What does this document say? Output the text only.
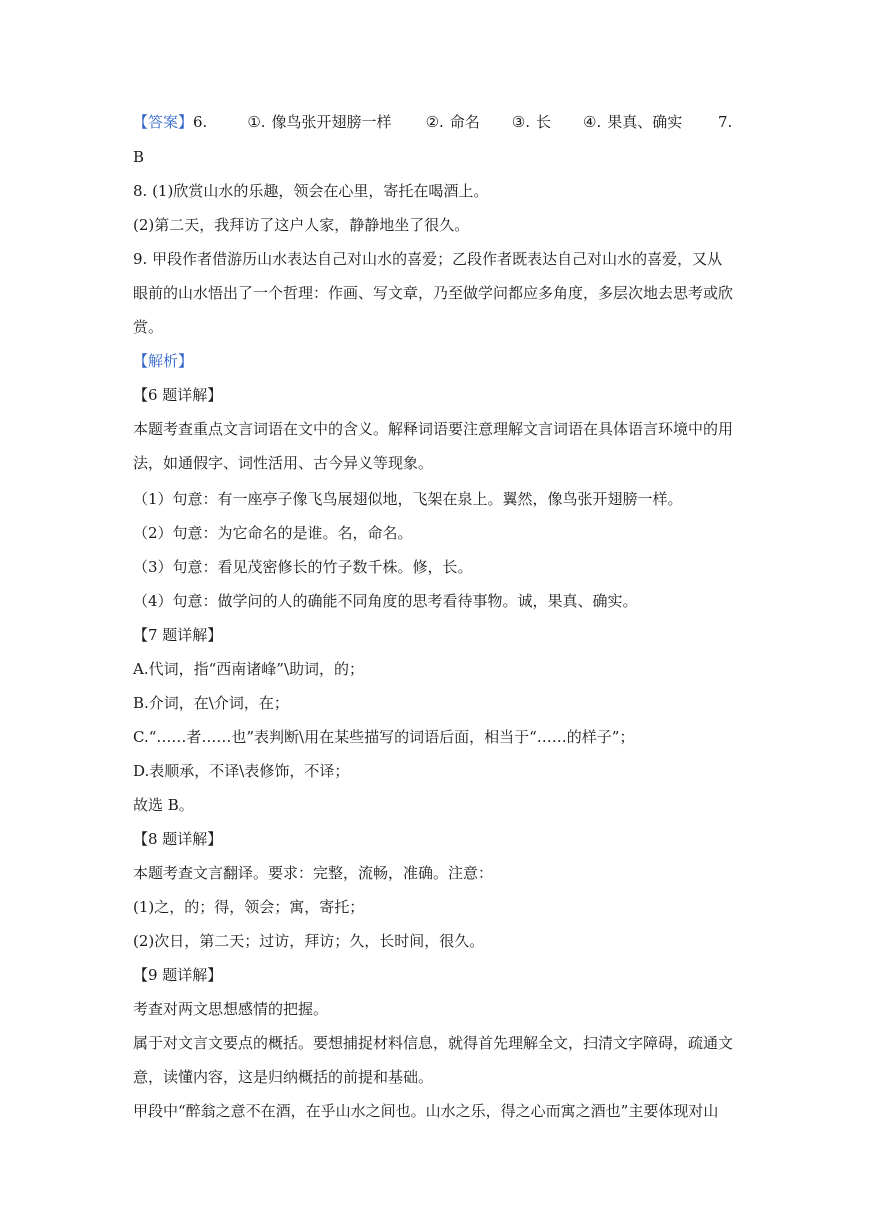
【答案】6.	①. 像鸟张开翅膀一样 ②. 命名 ③. 长 ④. 果真、确实	7.
B
8. (1)欣赏山水的乐趣，领会在心里，寄托在喝酒上。
(2)第二天，我拜访了这户人家，静静地坐了很久。
9. 甲段作者借游历山水表达自己对山水的喜爱；乙段作者既表达自己对山水的喜爱，又从
眼前的山水悟出了一个哲理：作画、写文章，乃至做学问都应多角度，多层次地去思考或欣
赏。
【解析】
【6 题详解】
本题考查重点文言词语在文中的含义。解释词语要注意理解文言词语在具体语言环境中的用
法，如通假字、词性活用、古今异义等现象。
（1）句意：有一座亭子像飞鸟展翅似地，飞架在泉上。翼然，像鸟张开翅膀一样。
（2）句意：为它命名的是谁。名，命名。
（3）句意：看见茂密修长的竹子数千株。修，长。
（4）句意：做学问的人的确能不同角度的思考看待事物。诚，果真、确实。
【7 题详解】
A.代词，指“西南诸峰”\助词，的；
B.介词，在\介词，在；
C.“……者……也”表判断\用在某些描写的词语后面，相当于“……的样子”；
D.表顺承，不译\表修饰，不译；
故选 B。
【8 题详解】
本题考查文言翻译。要求：完整，流畅，准确。注意：
(1)之，的；得，领会；寓，寄托；
(2)次日，第二天；过访，拜访；久，长时间，很久。
【9 题详解】
考查对两文思想感情的把握。
属于对文言文要点的概括。要想捕捉材料信息，就得首先理解全文，扫清文字障碍，疏通文
意，读懂内容，这是归纳概括的前提和基础。
甲段中“醉翁之意不在酒，在乎山水之间也。山水之乐，得之心而寓之酒也”主要体现对山
